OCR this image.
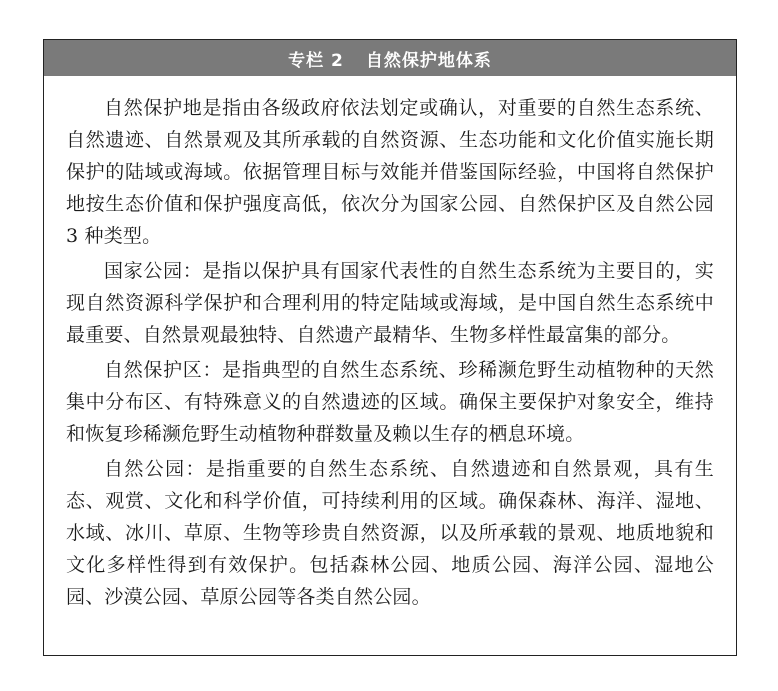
专栏 2 自然保护地体系

自然保护地是指由各级政府依法划定或确认，对重要的自然生态系统、自然遗迹、自然景观及其所承载的自然资源、生态功能和文化价值实施长期保护的陆域或海域。依据管理目标与效能并借鉴国际经验，中国将自然保护地按生态价值和保护强度高低，依次分为国家公园、自然保护区及自然公园 3 种类型。

国家公园：是指以保护具有国家代表性的自然生态系统为主要目的，实现自然资源科学保护和合理利用的特定陆域或海域，是中国自然生态系统中最重要、自然景观最独特、自然遗产最精华、生物多样性最富集的部分。

自然保护区：是指典型的自然生态系统、珍稀濒危野生动植物种的天然集中分布区、有特殊意义的自然遗迹的区域。确保主要保护对象安全，维持和恢复珍稀濒危野生动植物种群数量及赖以生存的栖息环境。

自然公园：是指重要的自然生态系统、自然遗迹和自然景观，具有生态、观赏、文化和科学价值，可持续利用的区域。确保森林、海洋、湿地、水域、冰川、草原、生物等珍贵自然资源，以及所承载的景观、地质地貌和文化多样性得到有效保护。包括森林公园、地质公园、海洋公园、湿地公园、沙漠公园、草原公园等各类自然公园。
